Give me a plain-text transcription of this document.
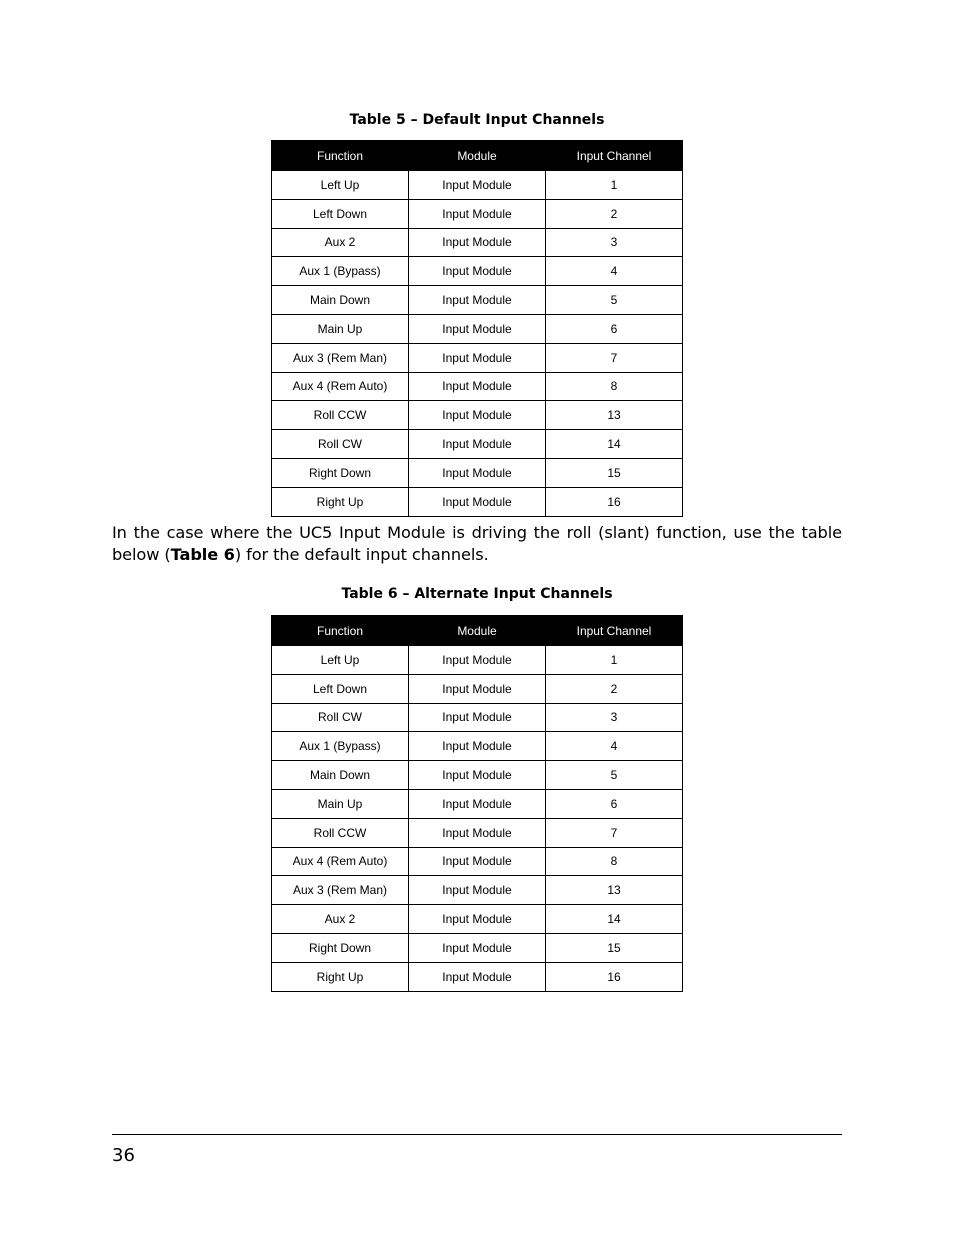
Table 5 – Default Input Channels
Function	Module	Input Channel
Left Up	Input Module	1
Left Down	Input Module	2
Aux 2	Input Module	3
Aux 1 (Bypass)	Input Module	4
Main Down	Input Module	5
Main Up	Input Module	6
Aux 3 (Rem Man)	Input Module	7
Aux 4 (Rem Auto)	Input Module	8
Roll CCW	Input Module	13
Roll CW	Input Module	14
Right Down	Input Module	15
Right Up	Input Module	16

In the case where the UC5 Input Module is driving the roll (slant) function, use the table below (Table 6) for the default input channels.

Table 6 – Alternate Input Channels
Function	Module	Input Channel
Left Up	Input Module	1
Left Down	Input Module	2
Roll CW	Input Module	3
Aux 1 (Bypass)	Input Module	4
Main Down	Input Module	5
Main Up	Input Module	6
Roll CCW	Input Module	7
Aux 4 (Rem Auto)	Input Module	8
Aux 3 (Rem Man)	Input Module	13
Aux 2	Input Module	14
Right Down	Input Module	15
Right Up	Input Module	16
36
